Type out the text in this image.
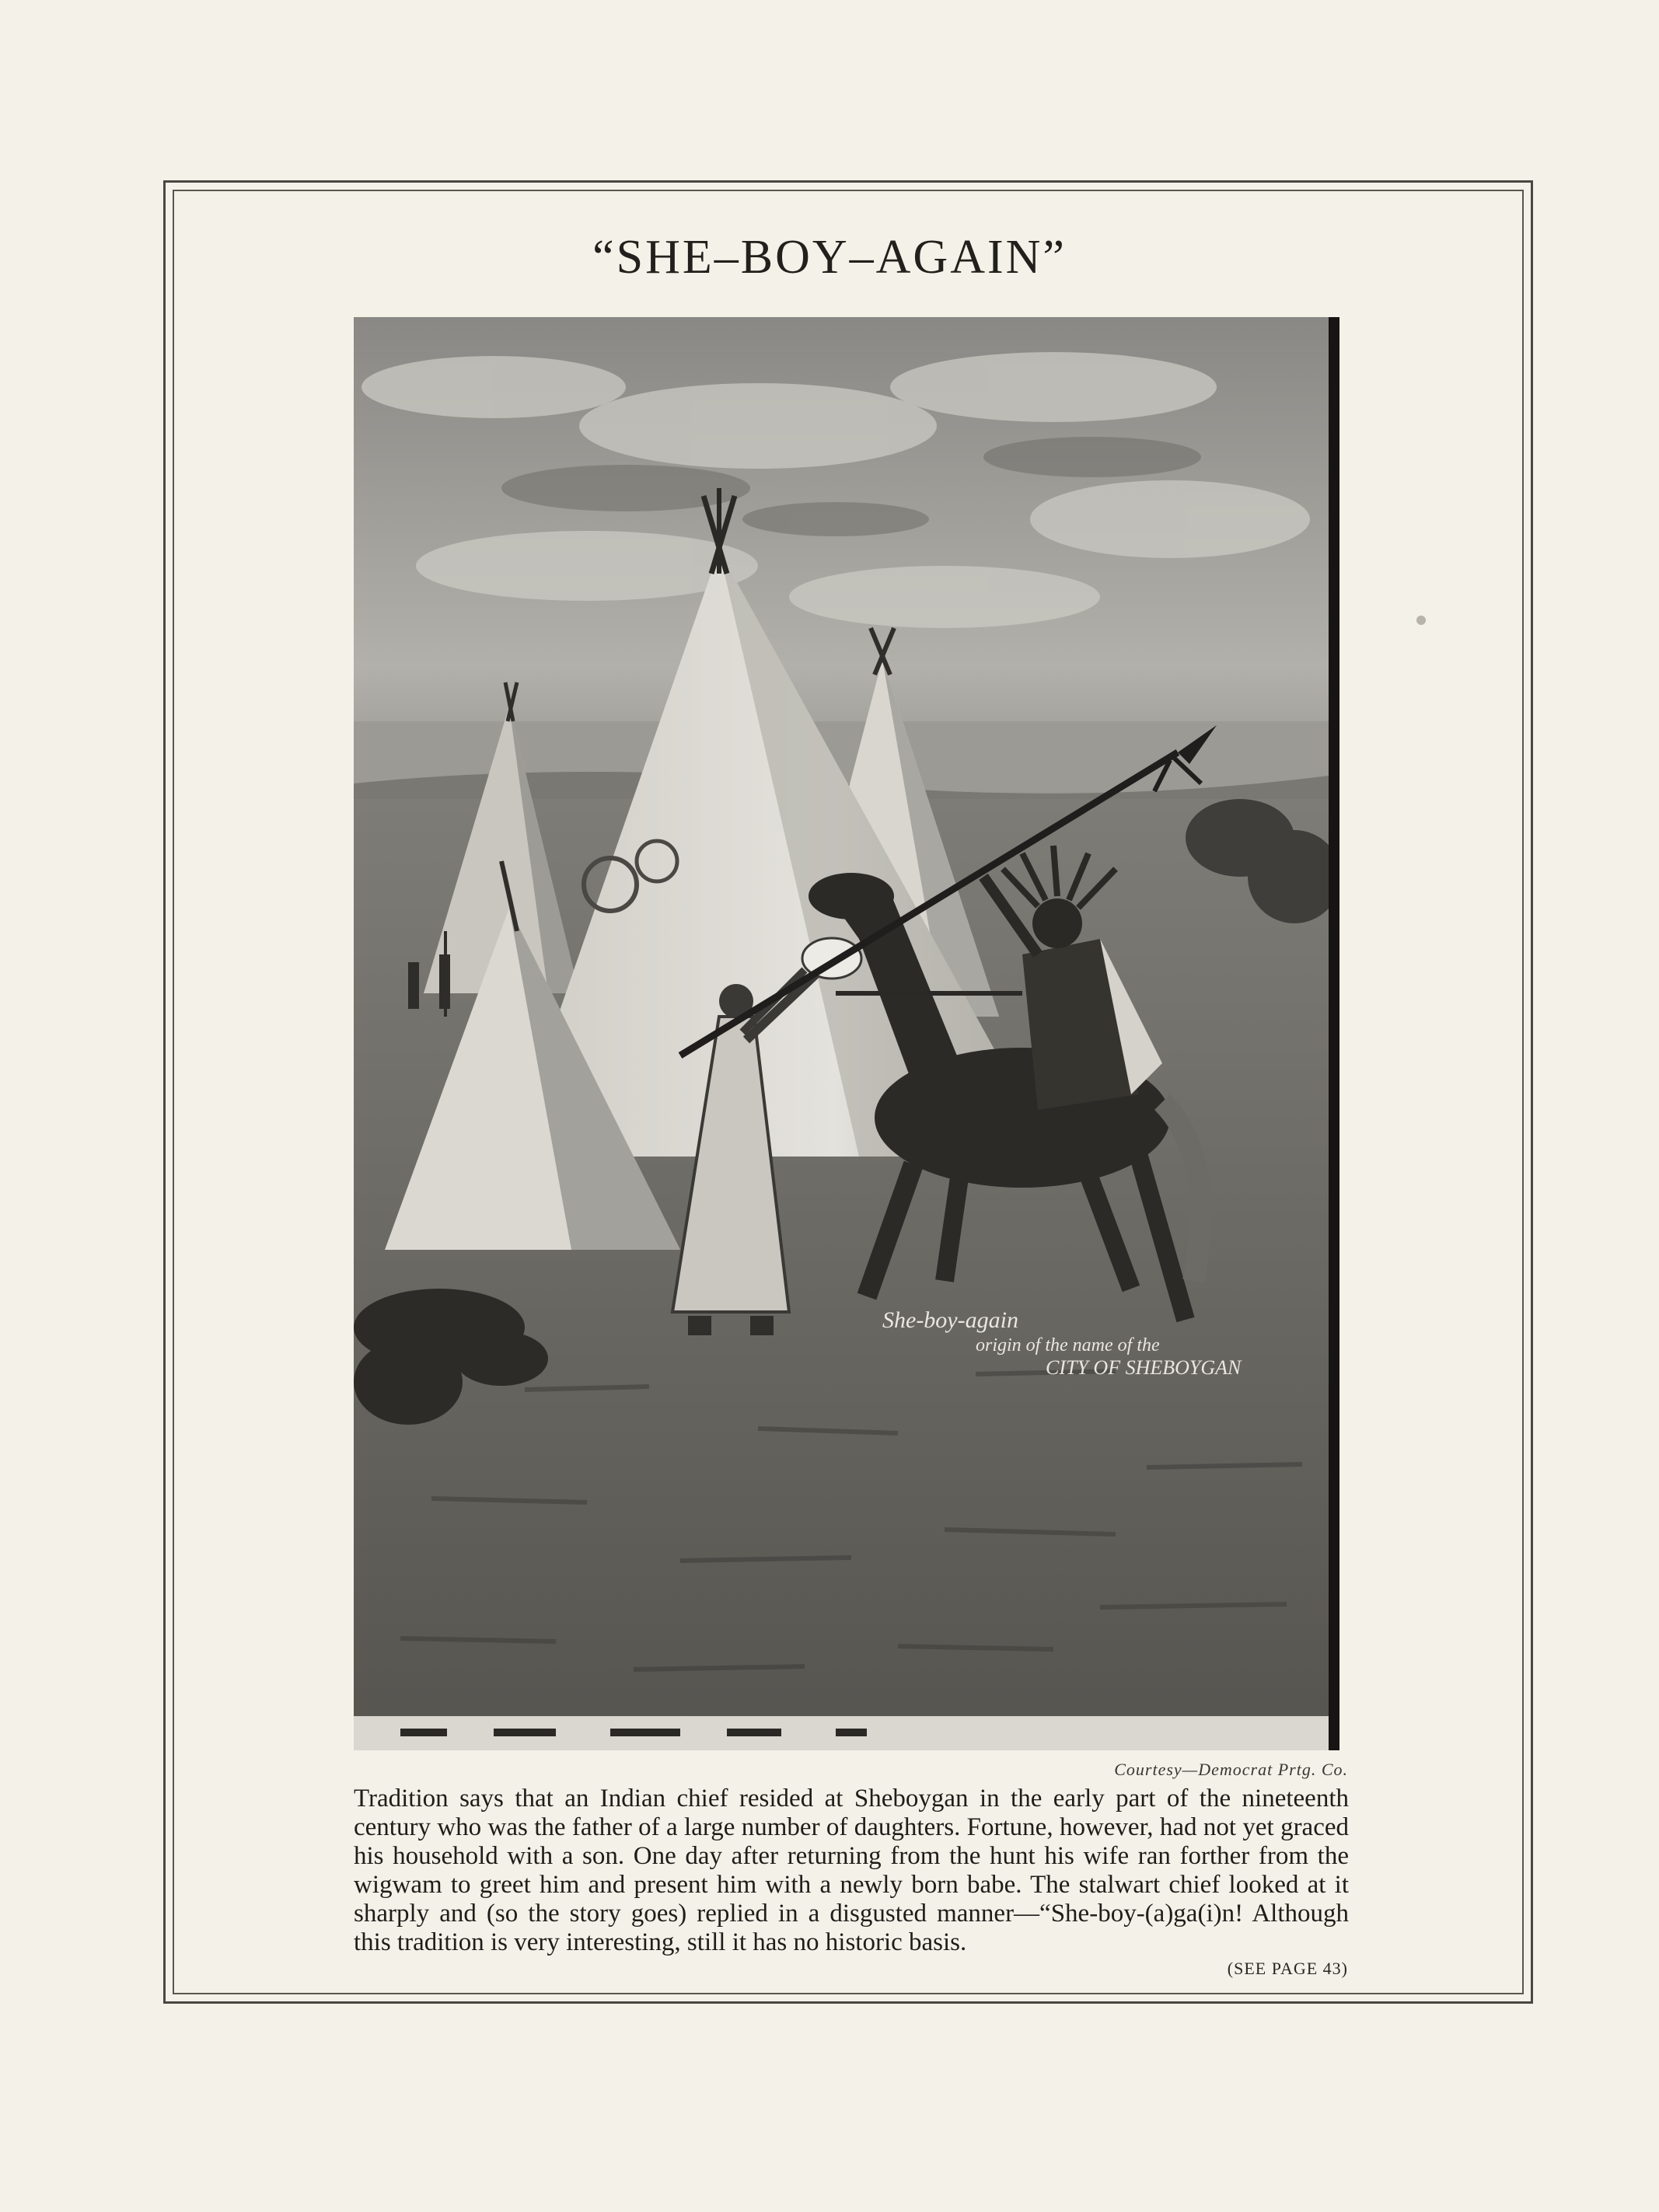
“SHE–BOY–AGAIN”
She-boy-again
origin of the name of the
CITY OF SHEBOYGAN
Courtesy—Democrat Prtg. Co.
Tradition says that an Indian chief resided at Sheboygan in the early part of the nineteenth century who was the father of a large number of daughters. Fortune, however, had not yet graced his household with a son. One day after returning from the hunt his wife ran forther from the wigwam to greet him and present him with a newly born babe. The stalwart chief looked at it sharply and (so the story goes) replied in a disgusted manner—“She-boy-(a)ga(i)n! Although this tradition is very interesting, still it has no historic basis.
(SEE PAGE 43)
